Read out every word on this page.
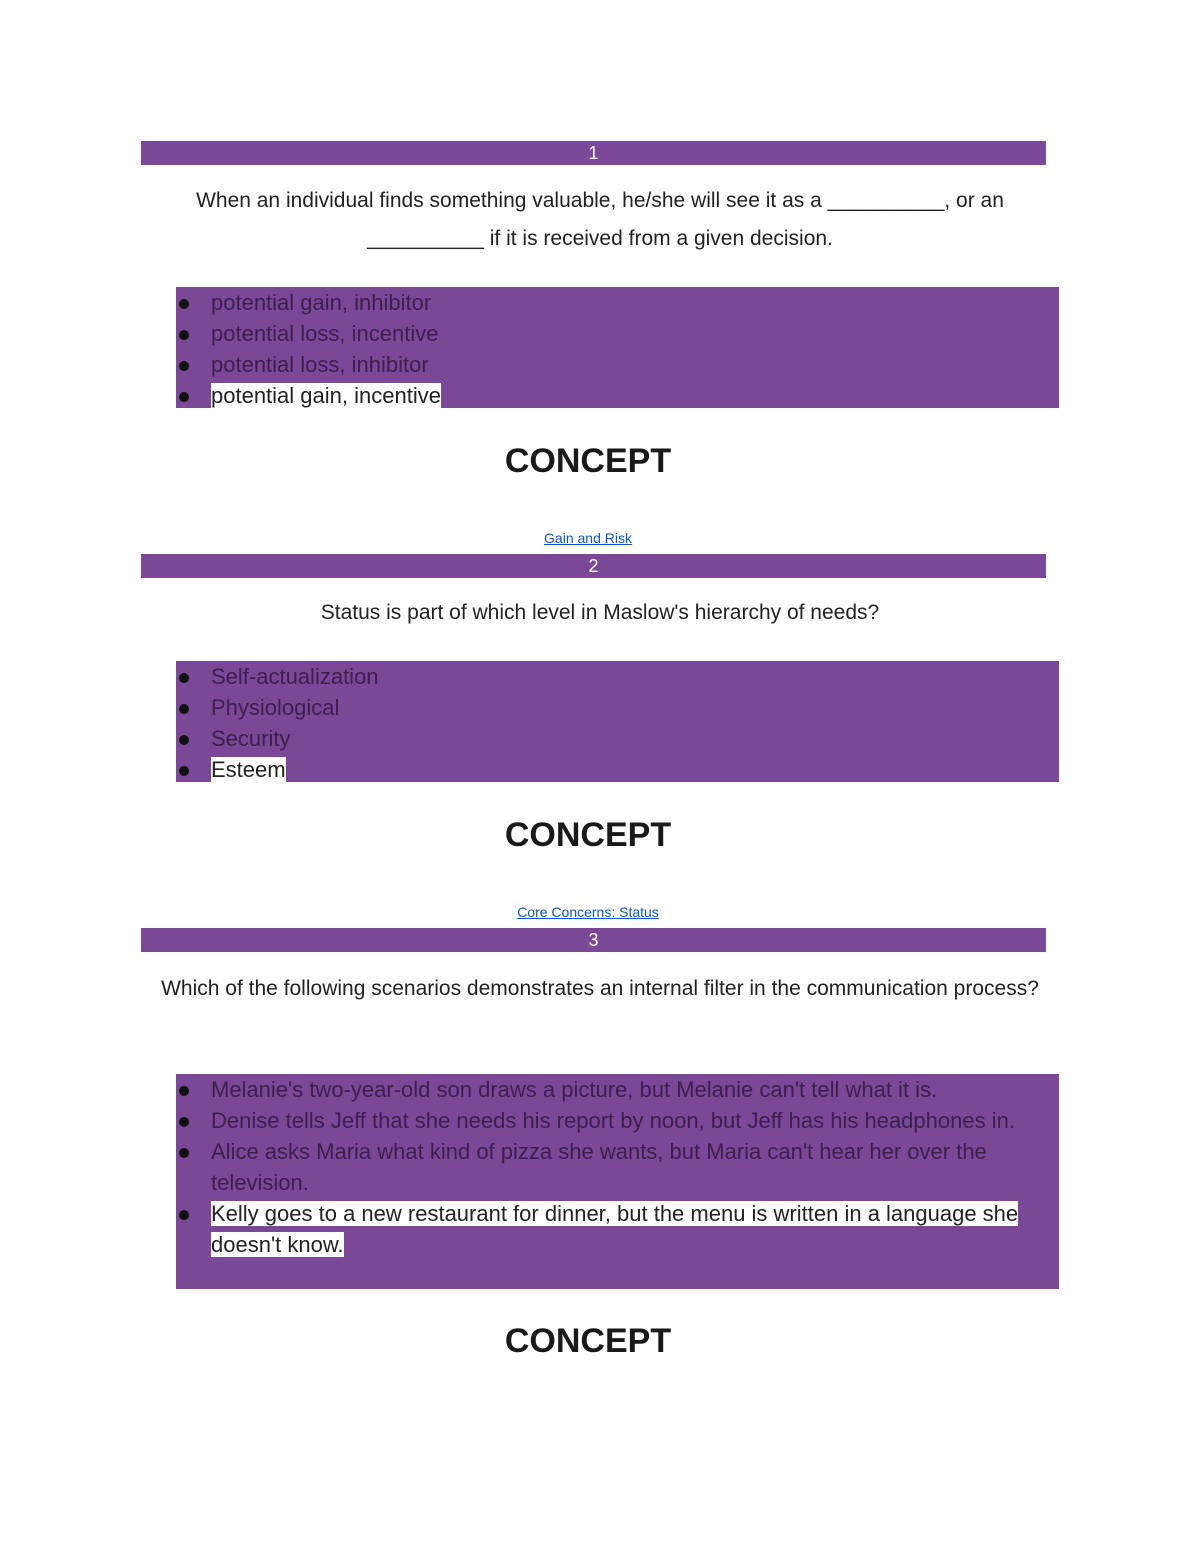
1
When an individual finds something valuable, he/she will see it as a __________, or an __________ if it is received from a given decision.
potential gain, inhibitor
potential loss, incentive
potential loss, inhibitor
potential gain, incentive
CONCEPT
Gain and Risk
2
Status is part of which level in Maslow's hierarchy of needs?
Self-actualization
Physiological
Security
Esteem
CONCEPT
Core Concerns: Status
3
Which of the following scenarios demonstrates an internal filter in the communication process?
Melanie's two-year-old son draws a picture, but Melanie can't tell what it is.
Denise tells Jeff that she needs his report by noon, but Jeff has his headphones in.
Alice asks Maria what kind of pizza she wants, but Maria can't hear her over the television.
Kelly goes to a new restaurant for dinner, but the menu is written in a language she doesn't know.
CONCEPT
